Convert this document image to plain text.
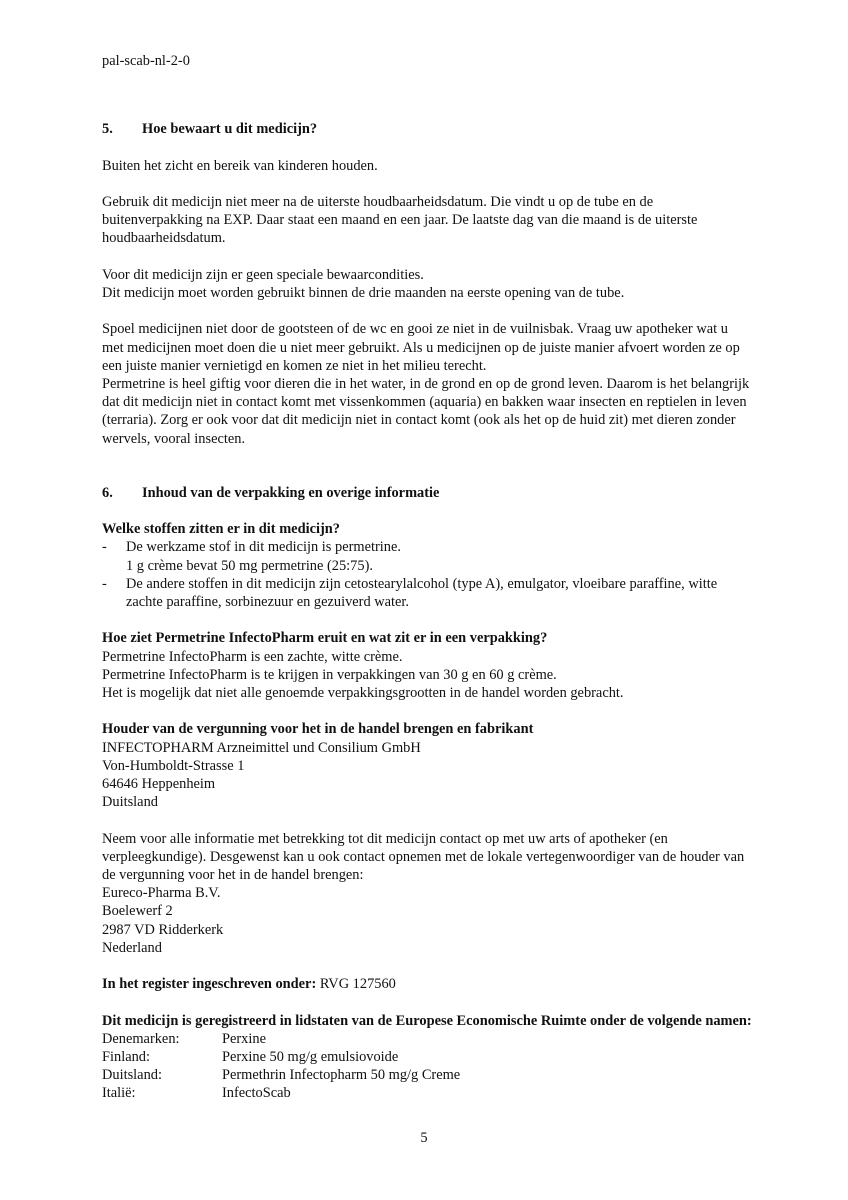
pal-scab-nl-2-0

5.	Hoe bewaart u dit medicijn?

Buiten het zicht en bereik van kinderen houden.

Gebruik dit medicijn niet meer na de uiterste houdbaarheidsdatum. Die vindt u op de tube en de buitenverpakking na EXP. Daar staat een maand en een jaar. De laatste dag van die maand is de uiterste houdbaarheidsdatum.

Voor dit medicijn zijn er geen speciale bewaarcondities.

Dit medicijn moet worden gebruikt binnen de drie maanden na eerste opening van de tube.

Spoel medicijnen niet door de gootsteen of de wc en gooi ze niet in de vuilnisbak. Vraag uw apotheker wat u met medicijnen moet doen die u niet meer gebruikt. Als u medicijnen op de juiste manier afvoert worden ze op een juiste manier vernietigd en komen ze niet in het milieu terecht.

Permetrine is heel giftig voor dieren die in het water, in de grond en op de grond leven. Daarom is het belangrijk dat dit medicijn niet in contact komt met vissenkommen (aquaria) en bakken waar insecten en reptielen in leven (terraria). Zorg er ook voor dat dit medicijn niet in contact komt (ook als het op de huid zit) met dieren zonder wervels, vooral insecten.

6.	Inhoud van de verpakking en overige informatie

Welke stoffen zitten er in dit medicijn?

- De werkzame stof in dit medicijn is permetrine.
1 g crème bevat 50 mg permetrine (25:75).
- De andere stoffen in dit medicijn zijn cetostearylalcohol (type A), emulgator, vloeibare paraffine, witte zachte paraffine, sorbinezuur en gezuiverd water.

Hoe ziet Permetrine InfectoPharm eruit en wat zit er in een verpakking?

Permetrine InfectoPharm is een zachte, witte crème.

Permetrine InfectoPharm is te krijgen in verpakkingen van 30 g en 60 g crème.

Het is mogelijk dat niet alle genoemde verpakkingsgrootten in de handel worden gebracht.

Houder van de vergunning voor het in de handel brengen en fabrikant

INFECTOPHARM Arzneimittel und Consilium GmbH

Von-Humboldt-Strasse 1

64646 Heppenheim

Duitsland

Neem voor alle informatie met betrekking tot dit medicijn contact op met uw arts of apotheker (en verpleegkundige). Desgewenst kan u ook contact opnemen met de lokale vertegenwoordiger van de houder van de vergunning voor het in de handel brengen:

Eureco-Pharma B.V.

Boelewerf 2

2987 VD Ridderkerk

Nederland

In het register ingeschreven onder: RVG 127560

Dit medicijn is geregistreerd in lidstaten van de Europese Economische Ruimte onder de volgende namen:

Denemarken:	Perxine
Finland:	Perxine 50 mg/g emulsiovoide
Duitsland:	Permethrin Infectopharm 50 mg/g Creme
Italië:	InfectoScab
5
